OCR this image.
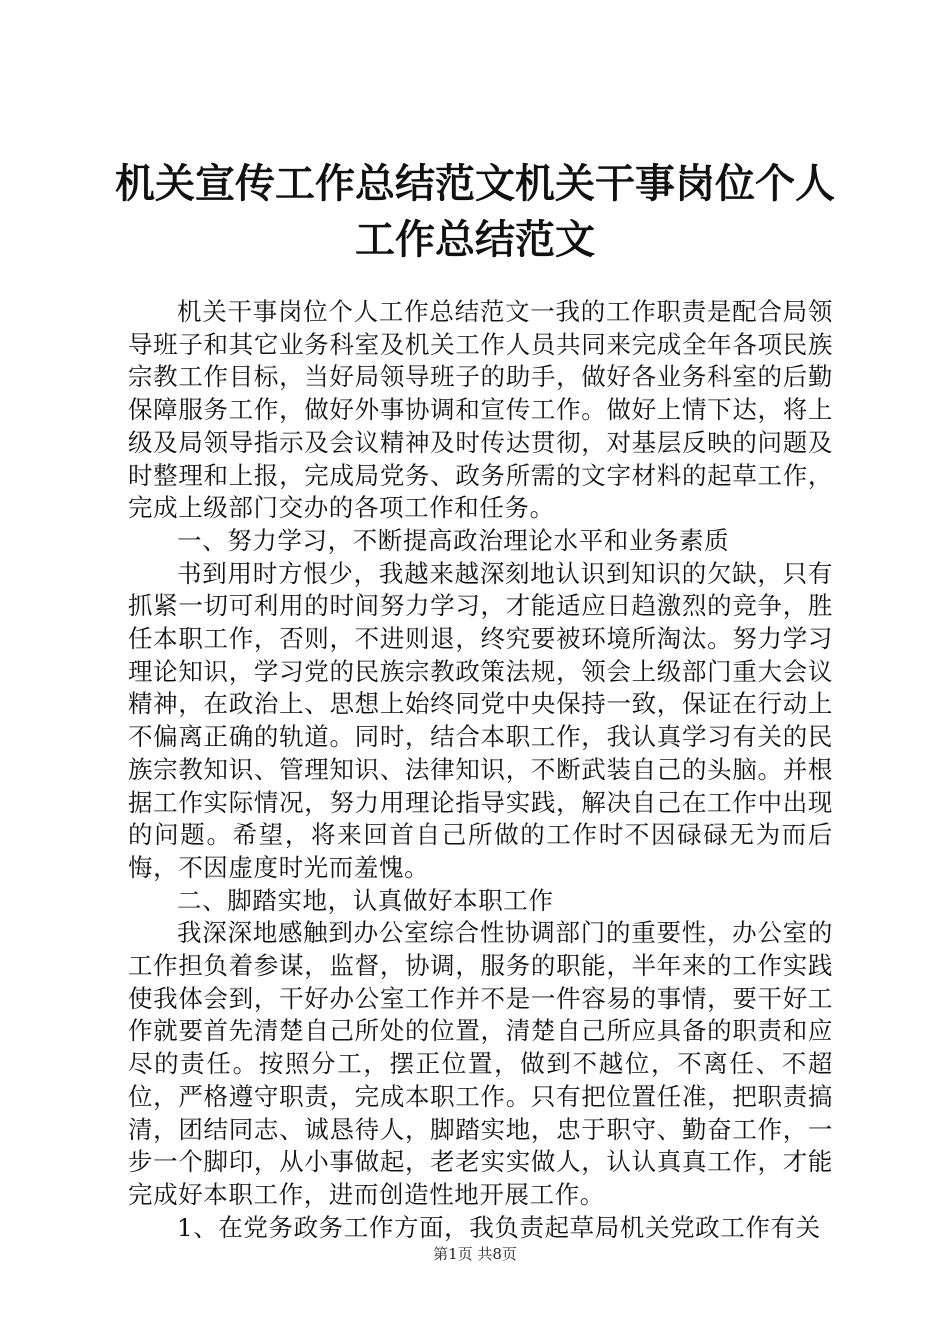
机关宣传工作总结范文机关干事岗位个人工作总结范文

机关干事岗位个人工作总结范文一我的工作职责是配合局领导班子和其它业务科室及机关工作人员共同来完成全年各项民族宗教工作目标，当好局领导班子的助手，做好各业务科室的后勤保障服务工作，做好外事协调和宣传工作。做好上情下达，将上级及局领导指示及会议精神及时传达贯彻，对基层反映的问题及时整理和上报，完成局党务、政务所需的文字材料的起草工作，完成上级部门交办的各项工作和任务。

一、努力学习，不断提高政治理论水平和业务素质

书到用时方恨少，我越来越深刻地认识到知识的欠缺，只有抓紧一切可利用的时间努力学习，才能适应日趋激烈的竞争，胜任本职工作，否则，不进则退，终究要被环境所淘汰。努力学习理论知识，学习党的民族宗教政策法规，领会上级部门重大会议精神，在政治上、思想上始终同党中央保持一致，保证在行动上不偏离正确的轨道。同时，结合本职工作，我认真学习有关的民族宗教知识、管理知识、法律知识，不断武装自己的头脑。并根据工作实际情况，努力用理论指导实践，解决自己在工作中出现的问题。希望，将来回首自己所做的工作时不因碌碌无为而后悔，不因虚度时光而羞愧。

二、脚踏实地，认真做好本职工作

我深深地感触到办公室综合性协调部门的重要性，办公室的工作担负着参谋，监督，协调，服务的职能，半年来的工作实践使我体会到，干好办公室工作并不是一件容易的事情，要干好工作就要首先清楚自己所处的位置，清楚自己所应具备的职责和应尽的责任。按照分工，摆正位置，做到不越位，不离任、不超位，严格遵守职责，完成本职工作。只有把位置任准，把职责搞清，团结同志、诚恳待人，脚踏实地，忠于职守、勤奋工作，一步一个脚印，从小事做起，老老实实做人，认认真真工作，才能完成好本职工作，进而创造性地开展工作。

1、在党务政务工作方面，我负责起草局机关党政工作有关

第1页 共8页
